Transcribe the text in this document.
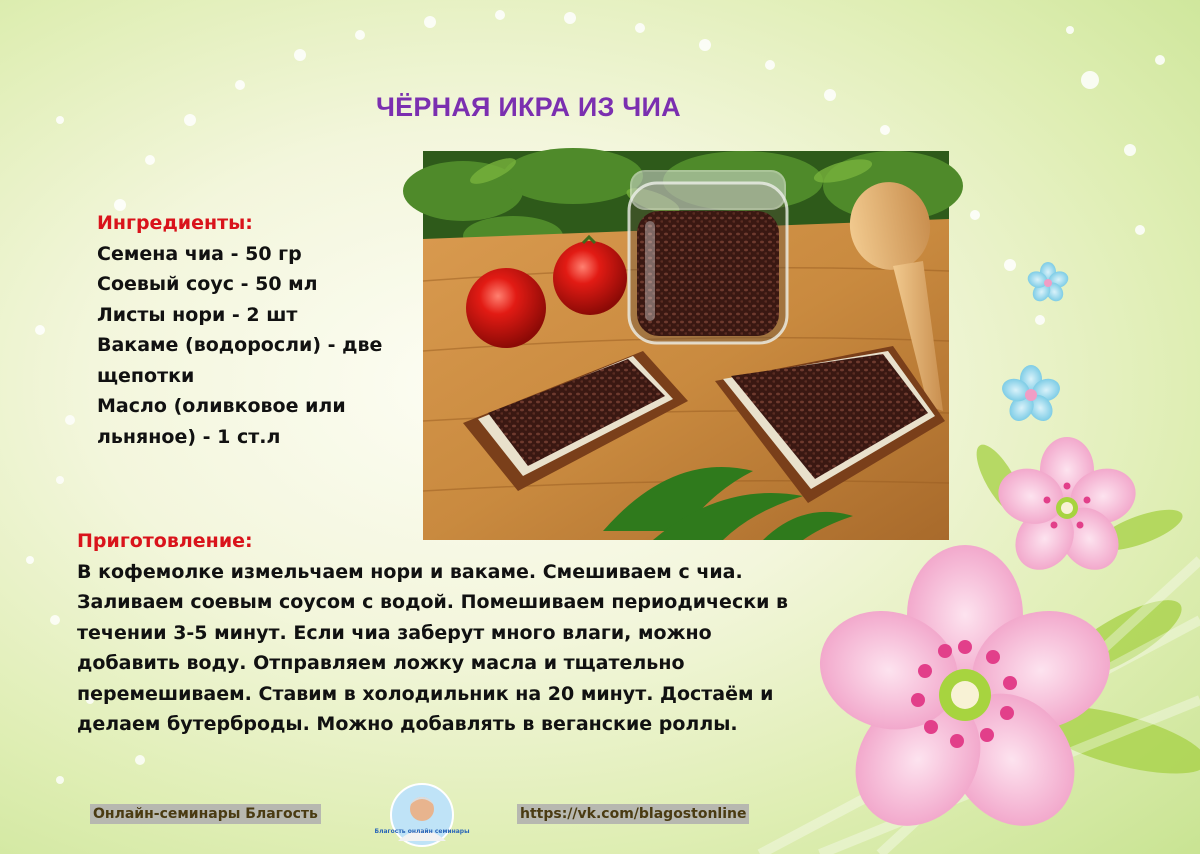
ЧЁРНАЯ ИКРА ИЗ ЧИА
Ингредиенты:
Семена чиа - 50 гр
Соевый соус - 50 мл
Листы нори - 2 шт
Вакаме (водоросли) - две щепотки
Масло (оливковое или льняное) - 1 ст.л
Приготовление:

В кофемолке измельчаем нори и вакаме. Смешиваем с чиа. Заливаем соевым соусом с водой. Помешиваем периодически в течении 3-5 минут. Если чиа заберут много влаги, можно добавить воду. Отправляем ложку масла и тщательно перемешиваем. Ставим в холодильник на 20 минут. Достаём и делаем бутерброды. Можно добавлять в веганские роллы.

Онлайн-семинары Благость
Благость онлайн семинары
https://vk.com/blagostonline
